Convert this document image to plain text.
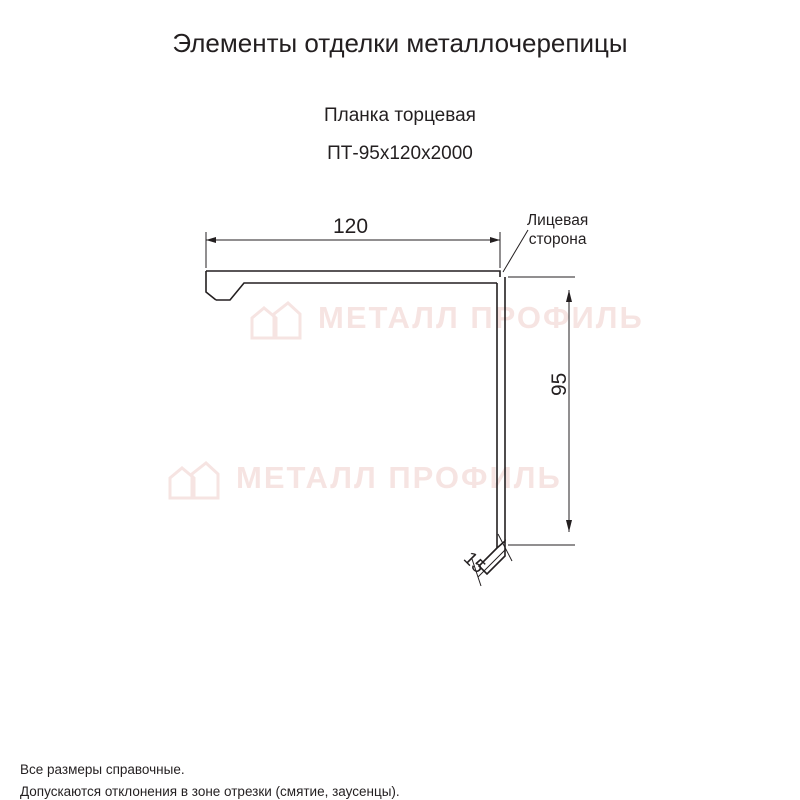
МЕТАЛЛ ПРОФИЛЬ
МЕТАЛЛ ПРОФИЛЬ
Элементы отделки металлочерепицы
Планка торцевая
ПТ-95х120х2000
120
95
15
Лицевая
сторона
Все размеры справочные.
Допускаются отклонения в зоне отрезки (смятие, заусенцы).
